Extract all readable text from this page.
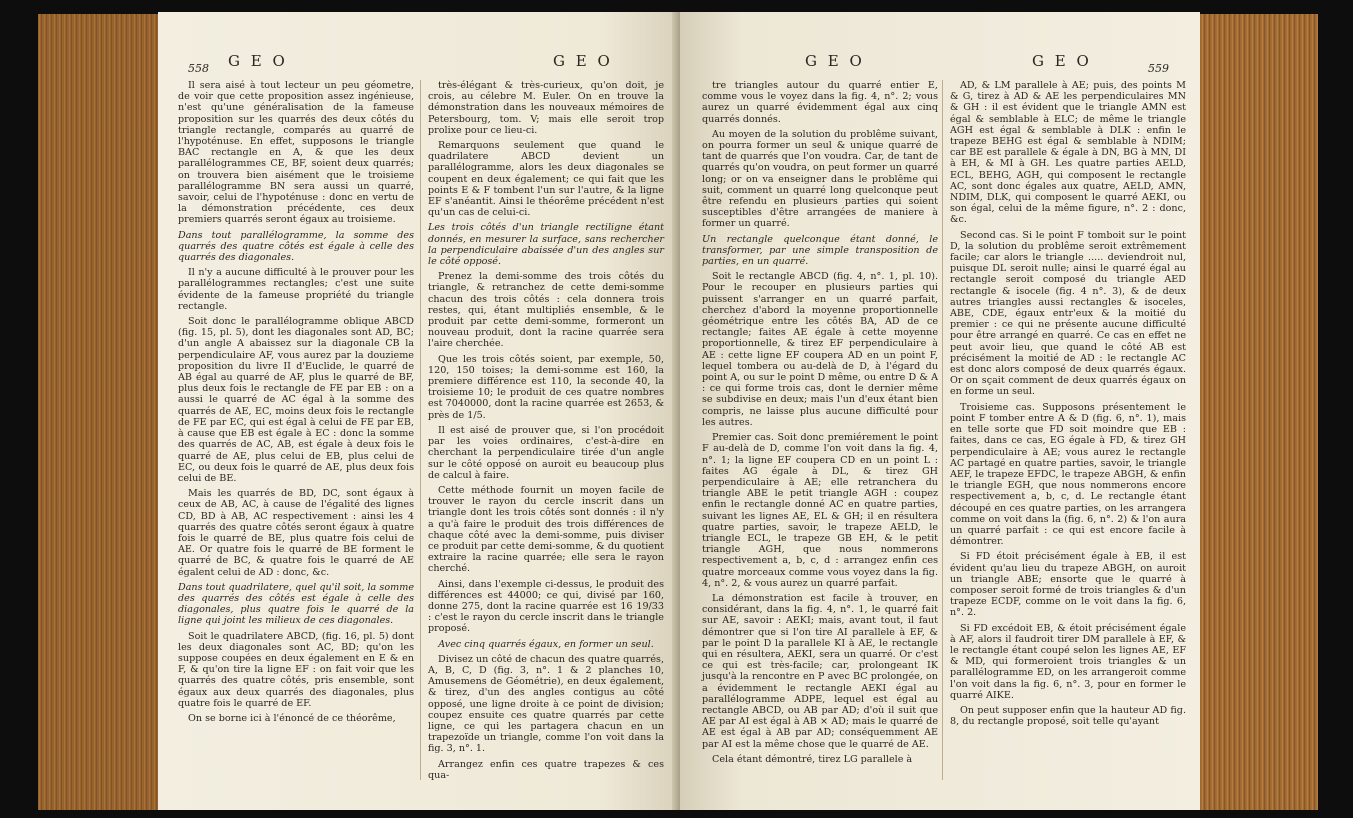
558 G E O	G E O

Il sera aisé à tout lecteur un peu géometre, de voir que cette proposition assez ingénieuse, n'est qu'une généralisation de la fameuse proposition sur les quarrés des deux côtés du triangle rectangle, comparés au quarré de l'hypoténuse. En effet, supposons le triangle BAC rectangle en A, & que les deux parallélogrammes CE, BF, soient deux quarrés; on trouvera bien aisément que le troisieme parallélogramme BN sera aussi un quarré, savoir, celui de l'hypoténuse : donc en vertu de la démonstration précédente, ces deux premiers quarrés seront égaux au troisieme.

Dans tout parallélogramme, la somme des quarrés des quatre côtés est égale à celle des quarrés des diagonales.

Il n'y a aucune difficulté à le prouver pour les parallélogrammes rectangles; c'est une suite évidente de la fameuse propriété du triangle rectangle.

Soit donc le parallélogramme oblique ABCD (fig. 15, pl. 5), dont les diagonales sont AD, BC; d'un angle A abaissez sur la diagonale CB la perpendiculaire AF, vous aurez par la douzieme proposition du livre II d'Euclide, le quarré de AB égal au quarré de AF, plus le quarré de BF, plus deux fois le rectangle de FE par EB : on a aussi le quarré de AC égal à la somme des quarrés de AE, EC, moins deux fois le rectangle de FE par EC, qui est égal à celui de FE par EB, à cause que EB est égale à EC : donc la somme des quarrés de AC, AB, est égale à deux fois le quarré de AE, plus celui de EB, plus celui de EC, ou deux fois le quarré de AE, plus deux fois celui de BE.

Mais les quarrés de BD, DC, sont égaux à ceux de AB, AC, à cause de l'égalité des lignes CD, BD à AB, AC respectivement : ainsi les 4 quarrés des quatre côtés seront égaux à quatre fois le quarré de BE, plus quatre fois celui de AE. Or quatre fois le quarré de BE forment le quarré de BC, & quatre fois le quarré de AE égalent celui de AD : donc, &c.

Dans tout quadrilatere, quel qu'il soit, la somme des quarrés des côtés est égale à celle des diagonales, plus quatre fois le quarré de la ligne qui joint les milieux de ces diagonales.

Soit le quadrilatere ABCD, (fig. 16, pl. 5) dont les deux diagonales sont AC, BD; qu'on les suppose coupées en deux également en E & en F, & qu'on tire la ligne EF : on fait voir que les quarrés des quatre côtés, pris ensemble, sont égaux aux deux quarrés des diagonales, plus quatre fois le quarré de EF.

On se borne ici à l'énoncé de ce théorême,

très-élégant & très-curieux, qu'on doit, je crois, au célebre M. Euler. On en trouve la démonstration dans les nouveaux mémoires de Petersbourg, tom. V; mais elle seroit trop prolixe pour ce lieu-ci.

Remarquons seulement que quand le quadrilatere ABCD devient un parallélogramme, alors les deux diagonales se coupent en deux également; ce qui fait que les points E & F tombent l'un sur l'autre, & la ligne EF s'anéantit. Ainsi le théorême précédent n'est qu'un cas de celui-ci.

Les trois côtés d'un triangle rectiligne étant donnés, en mesurer la surface, sans rechercher la perpendiculaire abaissée d'un des angles sur le côté opposé.

Prenez la demi-somme des trois côtés du triangle, & retranchez de cette demi-somme chacun des trois côtés : cela donnera trois restes, qui, étant multipliés ensemble, & le produit par cette demi-somme, formeront un nouveau produit, dont la racine quarrée sera l'aire cherchée.

Que les trois côtés soient, par exemple, 50, 120, 150 toises; la demi-somme est 160, la premiere différence est 110, la seconde 40, la troisieme 10; le produit de ces quatre nombres est 7040000, dont la racine quarrée est 2653, & près de 1/5.

Il est aisé de prouver que, si l'on procédoit par les voies ordinaires, c'est-à-dire en cherchant la perpendiculaire tirée d'un angle sur le côté opposé on auroit eu beaucoup plus de calcul à faire.

Cette méthode fournit un moyen facile de trouver le rayon du cercle inscrit dans un triangle dont les trois côtés sont donnés : il n'y a qu'à faire le produit des trois différences de chaque côté avec la demi-somme, puis diviser ce produit par cette demi-somme, & du quotient extraire la racine quarrée; elle sera le rayon cherché.

Ainsi, dans l'exemple ci-dessus, le produit des différences est 44000; ce qui, divisé par 160, donne 275, dont la racine quarrée est 16 19/33 : c'est le rayon du cercle inscrit dans le triangle proposé.

Avec cinq quarrés égaux, en former un seul.

Divisez un côté de chacun des quatre quarrés, A, B, C, D (fig. 3, n°. 1 & 2 planches 10, Amusemens de Géométrie), en deux également, & tirez, d'un des angles contigus au côté opposé, une ligne droite à ce point de division; coupez ensuite ces quatre quarrés par cette ligne, ce qui les partagera chacun en un trapezoïde un triangle, comme l'on voit dans la fig. 3, n°. 1.

Arrangez enfin ces quatre trapezes & ces qua-

G E O	G E O	559

tre triangles autour du quarré entier E, comme vous le voyez dans la fig. 4, n°. 2; vous aurez un quarré évidemment égal aux cinq quarrés donnés.

Au moyen de la solution du problême suivant, on pourra former un seul & unique quarré de tant de quarrés que l'on voudra. Car, de tant de quarrés qu'on voudra, on peut former un quarré long; or on va enseigner dans le problême qui suit, comment un quarré long quelconque peut être refendu en plusieurs parties qui soient susceptibles d'être arrangées de maniere à former un quarré.

Un rectangle quelconque étant donné, le transformer, par une simple transposition de parties, en un quarré.

Soit le rectangle ABCD (fig. 4, n°. 1, pl. 10). Pour le recouper en plusieurs parties qui puissent s'arranger en un quarré parfait, cherchez d'abord la moyenne proportionnelle géométrique entre les côtés BA, AD de ce rectangle; faites AE égale à cette moyenne proportionnelle, & tirez EF perpendiculaire à AE : cette ligne EF coupera AD en un point F, lequel tombera ou au-delà de D, à l'égard du point A, ou sur le point D même, ou entre D & A : ce qui forme trois cas, dont le dernier même se subdivise en deux; mais l'un d'eux étant bien compris, ne laisse plus aucune difficulté pour les autres.

Premier cas. Soit donc premiérement le point F au-delà de D, comme l'on voit dans la fig. 4, n°. 1; la ligne EF coupera CD en un point L : faites AG égale à DL, & tirez GH perpendiculaire à AE; elle retranchera du triangle ABE le petit triangle AGH : coupez enfin le rectangle donné AC en quatre parties, suivant les lignes AE, EL & GH; il en résultera quatre parties, savoir, le trapeze AELD, le triangle ECL, le trapeze GB EH, & le petit triangle AGH, que nous nommerons respectivement a, b, c, d : arrangez enfin ces quatre morceaux comme vous voyez dans la fig. 4, n°. 2, & vous aurez un quarré parfait.

La démonstration est facile à trouver, en considérant, dans la fig. 4, n°. 1, le quarré fait sur AE, savoir : AEKI; mais, avant tout, il faut démontrer que si l'on tire AI parallele à EF, & par le point D la parallele KI à AE, le rectangle qui en résultera, AEKI, sera un quarré. Or c'est ce qui est très-facile; car, prolongeant IK jusqu'à la rencontre en P avec BC prolongée, on a évidemment le rectangle AEKI égal au parallélogramme ADPE, lequel est égal au rectangle ABCD, ou AB par AD; d'où il suit que AE par AI est égal à AB × AD; mais le quarré de AE est égal à AB par AD; conséquemment AE par AI est la même chose que le quarré de AE.

Cela étant démontré, tirez LG parallele à

AD, & LM parallele à AE; puis, des points M & G, tirez à AD & AE les perpendiculaires MN & GH : il est évident que le triangle AMN est égal & semblable à ELC; de même le triangle AGH est égal & semblable à DLK : enfin le trapeze BEHG est égal & semblable à NDIM; car BE est parallele & égale à DN, BG à MN, DI à EH, & MI à GH. Les quatre parties AELD, ECL, BEHG, AGH, qui composent le rectangle AC, sont donc égales aux quatre, AELD, AMN, NDIM, DLK, qui composent le quarré AEKI, ou son égal, celui de la même figure, n°. 2 : donc, &c.

Second cas. Si le point F tomboit sur le point D, la solution du problême seroit extrêmement facile; car alors le triangle ..... deviendroit nul, puisque DL seroit nulle; ainsi le quarré égal au rectangle seroit composé du triangle AED rectangle & isocele (fig. 4 n°. 3), & de deux autres triangles aussi rectangles & isoceles, ABE, CDE, égaux entr'eux & la moitié du premier : ce qui ne présente aucune difficulté pour être arrangé en quarré. Ce cas en effet ne peut avoir lieu, que quand le côté AB est précisément la moitié de AD : le rectangle AC est donc alors composé de deux quarrés égaux. Or on sçait comment de deux quarrés égaux on en forme un seul.

Troisieme cas. Supposons présentement le point F tomber entre A & D (fig. 6, n°. 1), mais en telle sorte que FD soit moindre que EB : faites, dans ce cas, EG égale à FD, & tirez GH perpendiculaire à AE; vous aurez le rectangle AC partagé en quatre parties, savoir, le triangle AEF, le trapeze EFDC, le trapeze ABGH, & enfin le triangle EGH, que nous nommerons encore respectivement a, b, c, d. Le rectangle étant découpé en ces quatre parties, on les arrangera comme on voit dans la (fig. 6, n°. 2) & l'on aura un quarré parfait : ce qui est encore facile à démontrer.

Si FD étoit précisément égale à EB, il est évident qu'au lieu du trapeze ABGH, on auroit un triangle ABE; ensorte que le quarré à composer seroit formé de trois triangles & d'un trapeze ECDF, comme on le voit dans la fig. 6, n°. 2.

Si FD excédoit EB, & étoit précisément égale à AF, alors il faudroit tirer DM parallele à EF, & le rectangle étant coupé selon les lignes AE, EF & MD, qui formeroient trois triangles & un parallélogramme ED, on les arrangeroit comme l'on voit dans la fig. 6, n°. 3, pour en former le quarré AIKE.

On peut supposer enfin que la hauteur AD fig. 8, du rectangle proposé, soit telle qu'ayant
